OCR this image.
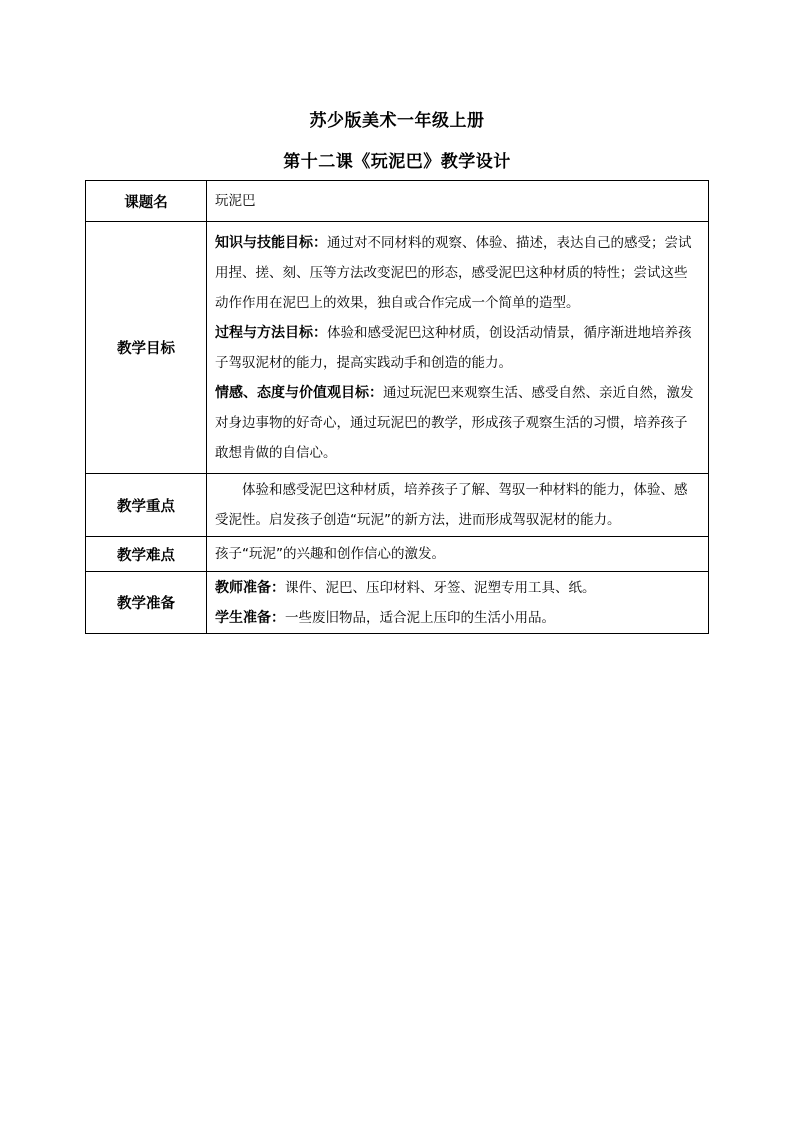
苏少版美术一年级上册
第十二课《玩泥巴》教学设计
课题名	玩泥巴
教学目标	知识与技能目标：通过对不同材料的观察、体验、描述，表达自己的感受；尝试用捏、搓、刻、压等方法改变泥巴的形态，感受泥巴这种材质的特性；尝试这些动作作用在泥巴上的效果，独自或合作完成一个简单的造型。

过程与方法目标：体验和感受泥巴这种材质，创设活动情景，循序渐进地培养孩子驾驭泥材的能力，提高实践动手和创造的能力。

情感、态度与价值观目标：通过玩泥巴来观察生活、感受自然、亲近自然，激发对身边事物的好奇心，通过玩泥巴的教学，形成孩子观察生活的习惯，培养孩子敢想肯做的自信心。

教学重点	体验和感受泥巴这种材质，培养孩子了解、驾驭一种材料的能力，体验、感受泥性。启发孩子创造“玩泥”的新方法，进而形成驾驭泥材的能力。

教学难点	孩子“玩泥”的兴趣和创作信心的激发。
教学准备	教师准备：课件、泥巴、压印材料、牙签、泥塑专用工具、纸。

学生准备：一些废旧物品，适合泥上压印的生活小用品。
